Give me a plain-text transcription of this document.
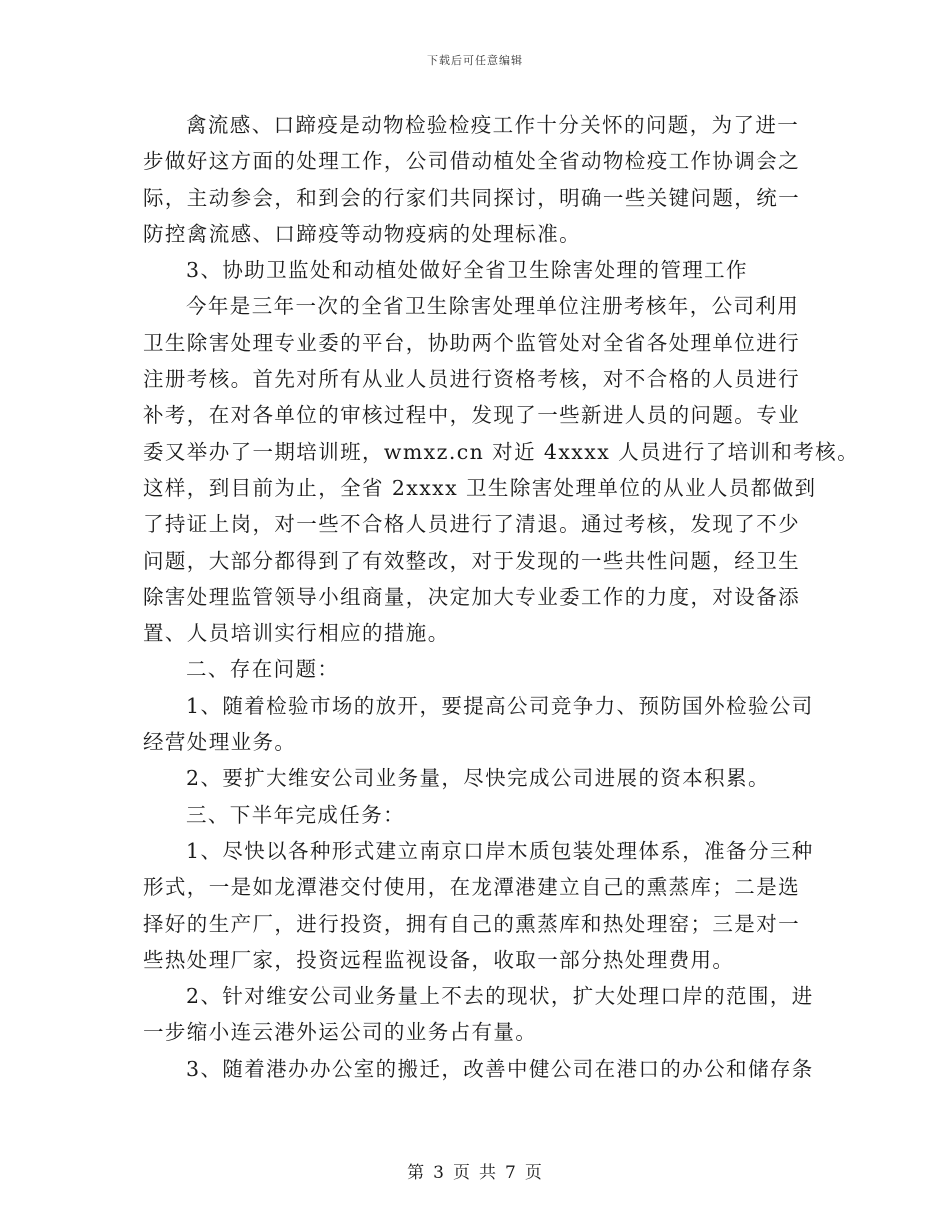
下载后可任意编辑
禽流感、口蹄疫是动物检验检疫工作十分关怀的问题，为了进一
步做好这方面的处理工作，公司借动植处全省动物检疫工作协调会之
际，主动参会，和到会的行家们共同探讨，明确一些关键问题，统一
防控禽流感、口蹄疫等动物疫病的处理标准。
3、协助卫监处和动植处做好全省卫生除害处理的管理工作
今年是三年一次的全省卫生除害处理单位注册考核年，公司利用
卫生除害处理专业委的平台，协助两个监管处对全省各处理单位进行
注册考核。首先对所有从业人员进行资格考核，对不合格的人员进行
补考，在对各单位的审核过程中，发现了一些新进人员的问题。专业
委又举办了一期培训班，wmxz.cn 对近 4xxxx 人员进行了培训和考核。
这样，到目前为止，全省 2xxxx 卫生除害处理单位的从业人员都做到
了持证上岗，对一些不合格人员进行了清退。通过考核，发现了不少
问题，大部分都得到了有效整改，对于发现的一些共性问题，经卫生
除害处理监管领导小组商量，决定加大专业委工作的力度，对设备添
置、人员培训实行相应的措施。
二、存在问题：
1、随着检验市场的放开，要提高公司竞争力、预防国外检验公司
经营处理业务。
2、要扩大维安公司业务量，尽快完成公司进展的资本积累。
三、下半年完成任务：
1、尽快以各种形式建立南京口岸木质包装处理体系，准备分三种
形式，一是如龙潭港交付使用，在龙潭港建立自己的熏蒸库；二是选
择好的生产厂，进行投资，拥有自己的熏蒸库和热处理窑；三是对一
些热处理厂家，投资远程监视设备，收取一部分热处理费用。
2、针对维安公司业务量上不去的现状，扩大处理口岸的范围，进
一步缩小连云港外运公司的业务占有量。
3、随着港办办公室的搬迁，改善中健公司在港口的办公和储存条
第 3 页 共 7 页
